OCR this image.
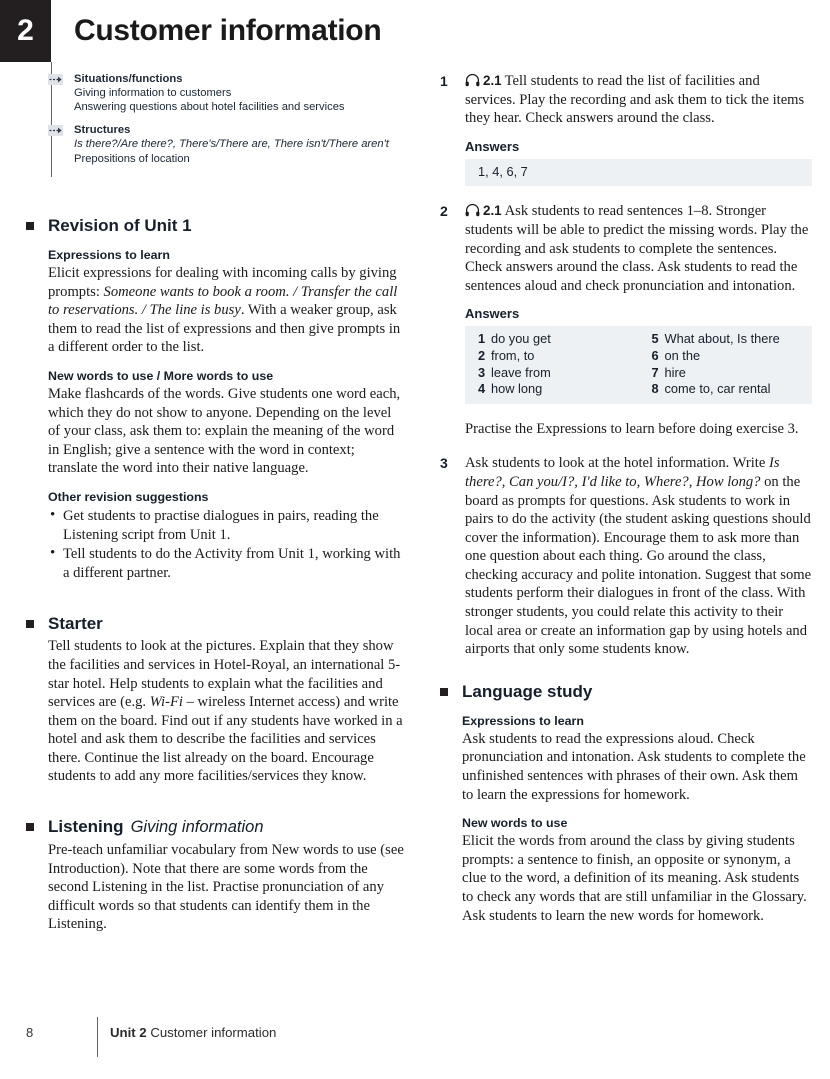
2	Customer information
Situations/functions
Giving information to customers
Answering questions about hotel facilities and services
Structures
Is there?/Are there?, There's/There are, There isn't/There aren't
Prepositions of location
Revision of Unit 1
Expressions to learn

Elicit expressions for dealing with incoming calls by giving prompts: Someone wants to book a room. / Transfer the call to reservations. / The line is busy. With a weaker group, ask them to read the list of expressions and then give prompts in a different order to the list.

New words to use / More words to use

Make flashcards of the words. Give students one word each, which they do not show to anyone. Depending on the level of your class, ask them to: explain the meaning of the word in English; give a sentence with the word in context; translate the word into their native language.

Other revision suggestions
• Get students to practise dialogues in pairs, reading the Listening script from Unit 1.
• Tell students to do the Activity from Unit 1, working with a different partner.
Starter

Tell students to look at the pictures. Explain that they show the facilities and services in Hotel-Royal, an international 5-star hotel. Help students to explain what the facilities and services are (e.g. Wi-Fi – wireless Internet access) and write them on the board. Find out if any students have worked in a hotel and ask them to describe the facilities and services there. Continue the list already on the board. Encourage students to add any more facilities/services they know.

Listening Giving information

Pre-teach unfamiliar vocabulary from New words to use (see Introduction). Note that there are some words from the second Listening in the list. Practise pronunciation of any difficult words so that students can identify them in the Listening.

1	2.1 Tell students to read the list of facilities and services. Play the recording and ask them to tick the items they hear. Check answers around the class.

Answers
1, 4, 6, 7
2	2.1 Ask students to read sentences 1–8. Stronger students will be able to predict the missing words. Play the recording and ask students to complete the sentences. Check answers around the class. Ask students to read the sentences aloud and check pronunciation and intonation.

Answers
1 do you get
2 from, to
3 leave from
4 how long
5 What about, Is there
6 on the
7 hire
8 come to, car rental

Practise the Expressions to learn before doing exercise 3.

3 Ask students to look at the hotel information. Write Is there?, Can you/I?, I'd like to, Where?, How long? on the board as prompts for questions. Ask students to work in pairs to do the activity (the student asking questions should cover the information). Encourage them to ask more than one question about each thing. Go around the class, checking accuracy and polite intonation. Suggest that some students perform their dialogues in front of the class. With stronger students, you could relate this activity to their local area or create an information gap by using hotels and airports that only some students know.

Language study
Expressions to learn

Ask students to read the expressions aloud. Check pronunciation and intonation. Ask students to complete the unfinished sentences with phrases of their own. Ask them to learn the expressions for homework.

New words to use

Elicit the words from around the class by giving students prompts: a sentence to finish, an opposite or synonym, a clue to the word, a definition of its meaning. Ask students to check any words that are still unfamiliar in the Glossary. Ask students to learn the new words for homework.

8	Unit 2 Customer information
